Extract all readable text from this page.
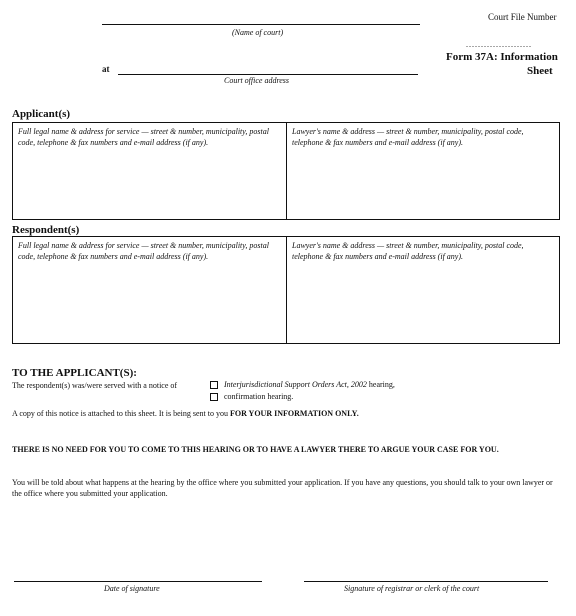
Court File Number
(Name of court)
......................
Form 37A: Information
Sheet
at
Court office address
Applicant(s)
Full legal name & address for service — street & number, municipality, postal code, telephone & fax numbers and e-mail address (if any).
Lawyer's name & address — street & number, municipality, postal code, telephone & fax numbers and e-mail address (if any).
Respondent(s)
Full legal name & address for service — street & number, municipality, postal code, telephone & fax numbers and e-mail address (if any).
Lawyer's name & address — street & number, municipality, postal code, telephone & fax numbers and e-mail address (if any).
TO THE APPLICANT(S):
The respondent(s) was/were served with a notice of	Interjurisdictional Support Orders Act, 2002 hearing,
confirmation hearing.
A copy of this notice is attached to this sheet. It is being sent to you FOR YOUR INFORMATION ONLY.
THERE IS NO NEED FOR YOU TO COME TO THIS HEARING OR TO HAVE A LAWYER THERE TO ARGUE YOUR CASE FOR YOU.
You will be told about what happens at the hearing by the office where you submitted your application. If you have any questions, you should talk to your own lawyer or the office where you submitted your application.
Date of signature	Signature of registrar or clerk of the court
